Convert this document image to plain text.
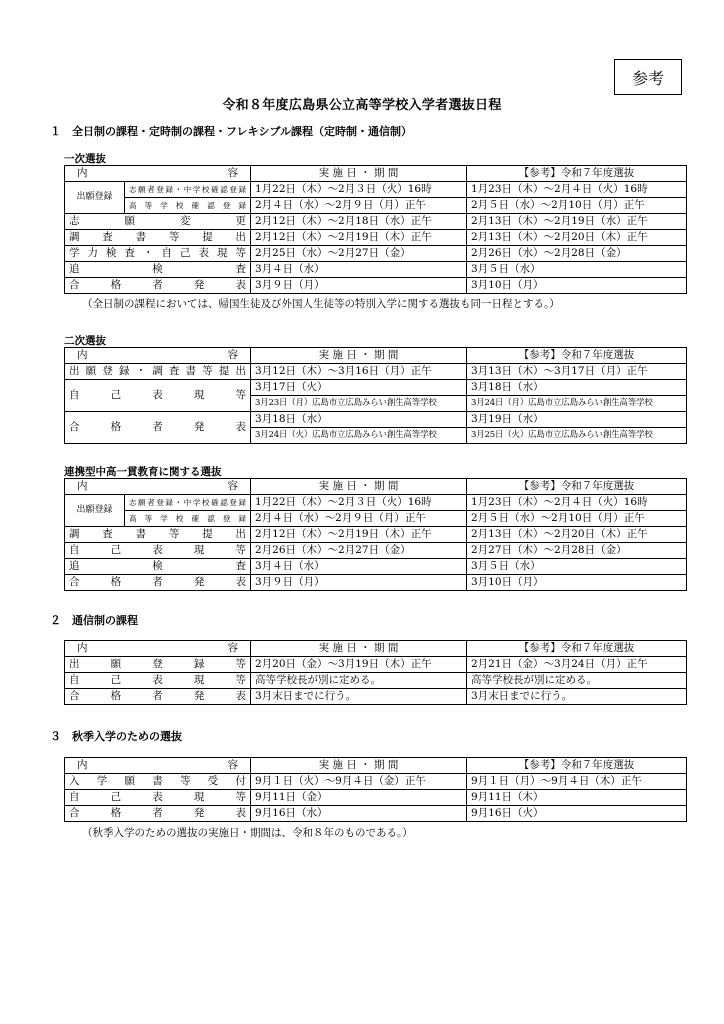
参考
令和８年度広島県公立高等学校入学者選抜日程
１　全日制の課程・定時制の課程・フレキシブル課程（定時制・通信制）
一次選抜
内 容		実 施 日 ・ 期 間	【参考】令和７年度選抜
出願登録	志願者登録・中学校確認登録	1月22日（木）～2月３日（火）16時	1月23日（木）～2月４日（火）16時
	高 等 学 校 確 認 登 録	2月４日（水）～2月９日（月）正午	2月５日（水）～2月10日（月）正午
志　願　変　更		2月12日（木）～2月18日（水）正午	2月13日（木）～2月19日（水）正午
調 査 書 等 提 出		2月12日（木）～2月19日（木）正午	2月13日（木）～2月20日（木）正午
学力検査・自己表現等		2月25日（水）～2月27日（金）	2月26日（水）～2月28日（金）
追　　検　　査		3月４日（水）	3月５日（水）
合　格　者　発　表		3月９日（月）	3月10日（月）
（全日制の課程においては、帰国生徒及び外国人生徒等の特別入学に関する選抜も同一日程とする。）
二次選抜
内 容	実 施 日 ・ 期 間	【参考】令和７年度選抜
出願登録・調査書等提出	3月12日（木）～3月16日（月）正午	3月13日（木）～3月17日（月）正午
自　己　表　現　等	3月17日（火）	3月18日（水）
	3月23日（月）広島市立広島みらい創生高等学校	3月24日（月）広島市立広島みらい創生高等学校
合　格　者　発　表	3月18日（水）	3月19日（水）
	3月24日（火）広島市立広島みらい創生高等学校	3月25日（火）広島市立広島みらい創生高等学校
連携型中高一貫教育に関する選抜
内 容		実 施 日 ・ 期 間	【参考】令和７年度選抜
出願登録	志願者登録・中学校確認登録	1月22日（木）～2月３日（火）16時	1月23日（木）～2月４日（火）16時
	高 等 学 校 確 認 登 録	2月４日（水）～2月９日（月）正午	2月５日（水）～2月10日（月）正午
調 査 書 等 提 出		2月12日（木）～2月19日（木）正午	2月13日（木）～2月20日（木）正午
自　己　表　現　等		2月26日（木）～2月27日（金）	2月27日（木）～2月28日（金）
追　　検　　査		3月４日（水）	3月５日（水）
合　格　者　発　表		3月９日（月）	3月10日（月）
２　通信制の課程
内 容	実 施 日 ・ 期 間	【参考】令和７年度選抜
出　願　登　録　等	2月20日（金）～3月19日（木）正午	2月21日（金）～3月24日（月）正午
自　己　表　現　等	高等学校長が別に定める。	高等学校長が別に定める。
合　格　者　発　表	3月末日までに行う。	3月末日までに行う。
３　秋季入学のための選抜
内 容	実 施 日 ・ 期 間	【参考】令和７年度選抜
入学願書等受付	9月１日（火）～9月４日（金）正午	9月１日（月）～9月４日（木）正午
自　己　表　現　等	9月11日（金）	9月11日（木）
合　格　者　発　表	9月16日（水）	9月16日（火）
（秋季入学のための選抜の実施日・期間は、令和８年のものである。）
